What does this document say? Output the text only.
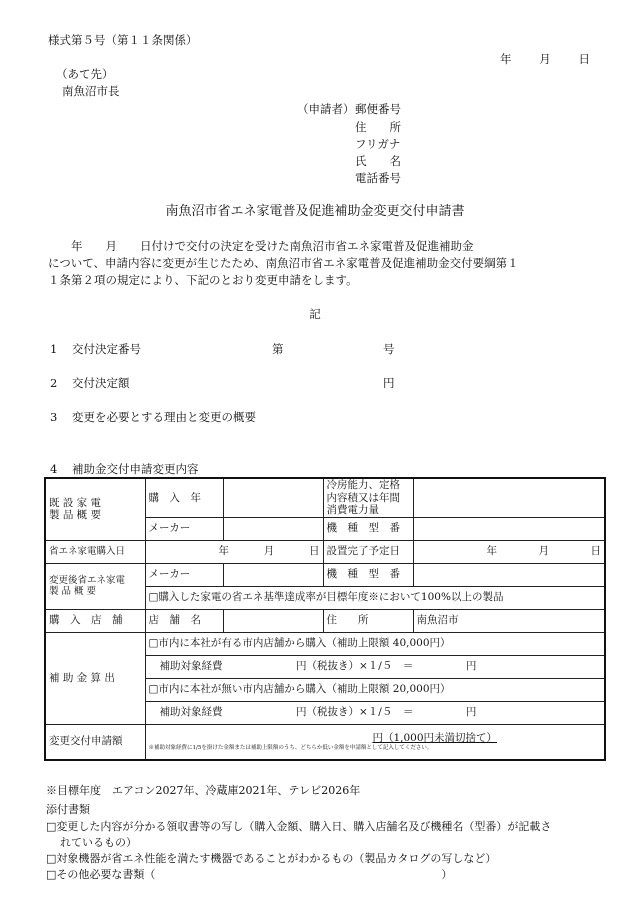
様式第５号（第１１条関係）
年 月 日
（あて先）
南魚沼市長
（申請者） 郵便番号
住　　所
フリガナ
氏　　名
電話番号
南魚沼市省エネ家電普及促進補助金変更交付申請書
　　年　　月　　日付けで交付の決定を受けた南魚沼市省エネ家電普及促進補助金
について、申請内容に変更が生じたため、南魚沼市省エネ家電普及促進補助金交付要綱第１
１条第２項の規定により、下記のとおり変更申請をします。
記
1 交付決定番号	第	号
2 交付決定額	円
3 変更を必要とする理由と変更の概要
4 補助金交付申請変更内容
既 設 家 電
製 品 概 要	購　入　年		冷房能力、定格内容積又は年間消費電力量	
	メーカー		機　種　型　番	
省エネ家電購入日	年 月 日		設置完了予定日	年 月 日

変更後省エネ家電
製 品 概 要	メーカー		機　種　型　番	
	□購入した家電の省エネ基準達成率が目標年度※において100%以上の製品			
購　入　店　舗	店　舗　名		住　　所	南魚沼市
補 助 金 算 出	□市内に本社が有る市内店舗から購入（補助上限額 40,000円）			
	補助対象経費　　　　　　　円（税抜き）×１/５　＝　　　　　円			
	□市内に本社が無い市内店舗から購入（補助上限額 20,000円）			
	補助対象経費　　　　　　　円（税抜き）×１/５　＝　　　　　円			
変更交付申請額	円（1,000円未満切捨て）
※補助対象経費に1/5を掛けた金額または補助上限額のうち、どちらか低い金額を申請額として記入してください。			
※目標年度　エアコン2027年、冷蔵庫2021年、テレビ2026年
添付書類
□変更した内容が分かる領収書等の写し（購入金額、購入日、購入店舗名及び機種名（型番）が記載さ
れているもの）
□対象機器が省エネ性能を満たす機器であることがわかるもの（製品カタログの写しなど）
□その他必要な書類（　　　　　　　　　　　　　　　　　　　　　　　　　　）
